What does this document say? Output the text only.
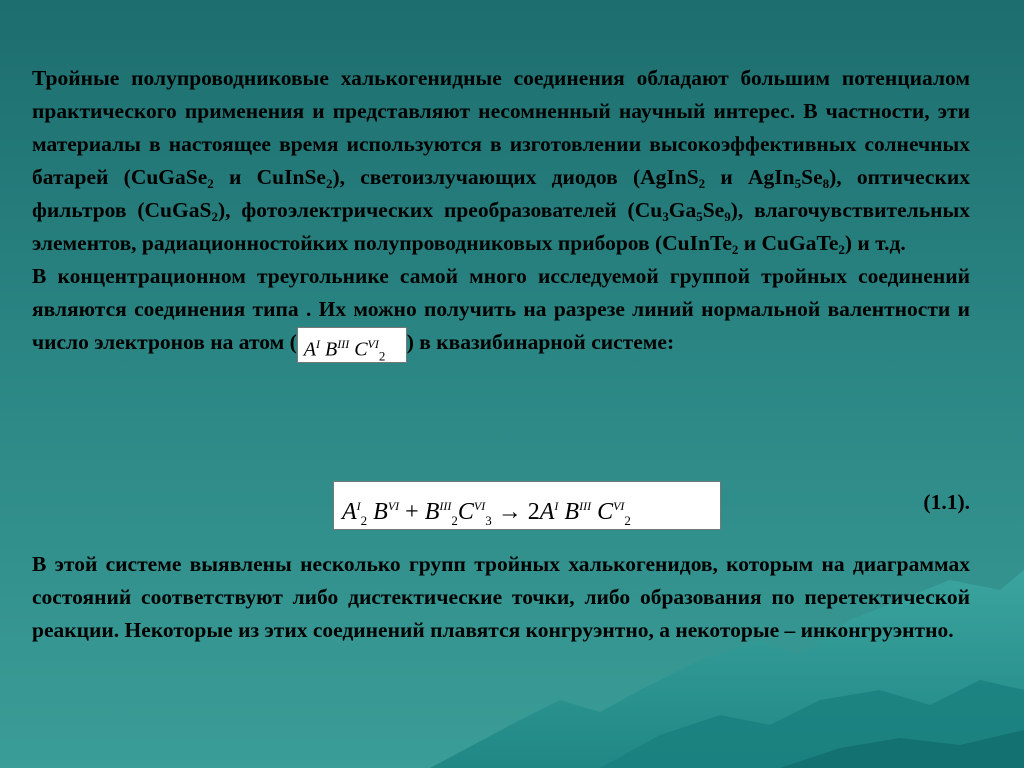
Тройные полупроводниковые халькогенидные соединения обладают большим потенциалом практического применения и представляют несомненный научный интерес. В частности, эти материалы в настоящее время используются в изготовлении высокоэффективных солнечных батарей (CuGaSe$_2$ и CuInSe$_2$), светоизлучающих диодов (AgInS$_2$ и $AgIn_5Se_8$), оптических фильтров (CuGaS$_2$), фотоэлектрических преобразователей $(Cu_3Ga_5Se_9)$, влагочувствительных элементов, радиационностойких полупроводниковых приборов (CuInTe$_2$ и CuGaTe$_2$) и т.д.
В концентрационном треугольнике самой много исследуемой группой тройных соединений являются соединения типа . Их можно получить на разрезе линий нормальной валентности и число электронов на атом ( $A^I$ $B^{III}$ $C^{VI}_2$) в квазибинарной системе:
$A^I_2$ $B^{VI} + B^{III}_2C^{VI}_3 \to 2A^I$ $B^{III}$ $C^{VI}_2$
(1.1).
В этой системе выявлены несколько групп тройных халькогенидов, которым на диаграммах состояний соответствуют либо дистектические точки, либо образования по перетектической реакции. Некоторые из этих соединений плавятся конгруэнтно, а некоторые – инконгруэнтно.
